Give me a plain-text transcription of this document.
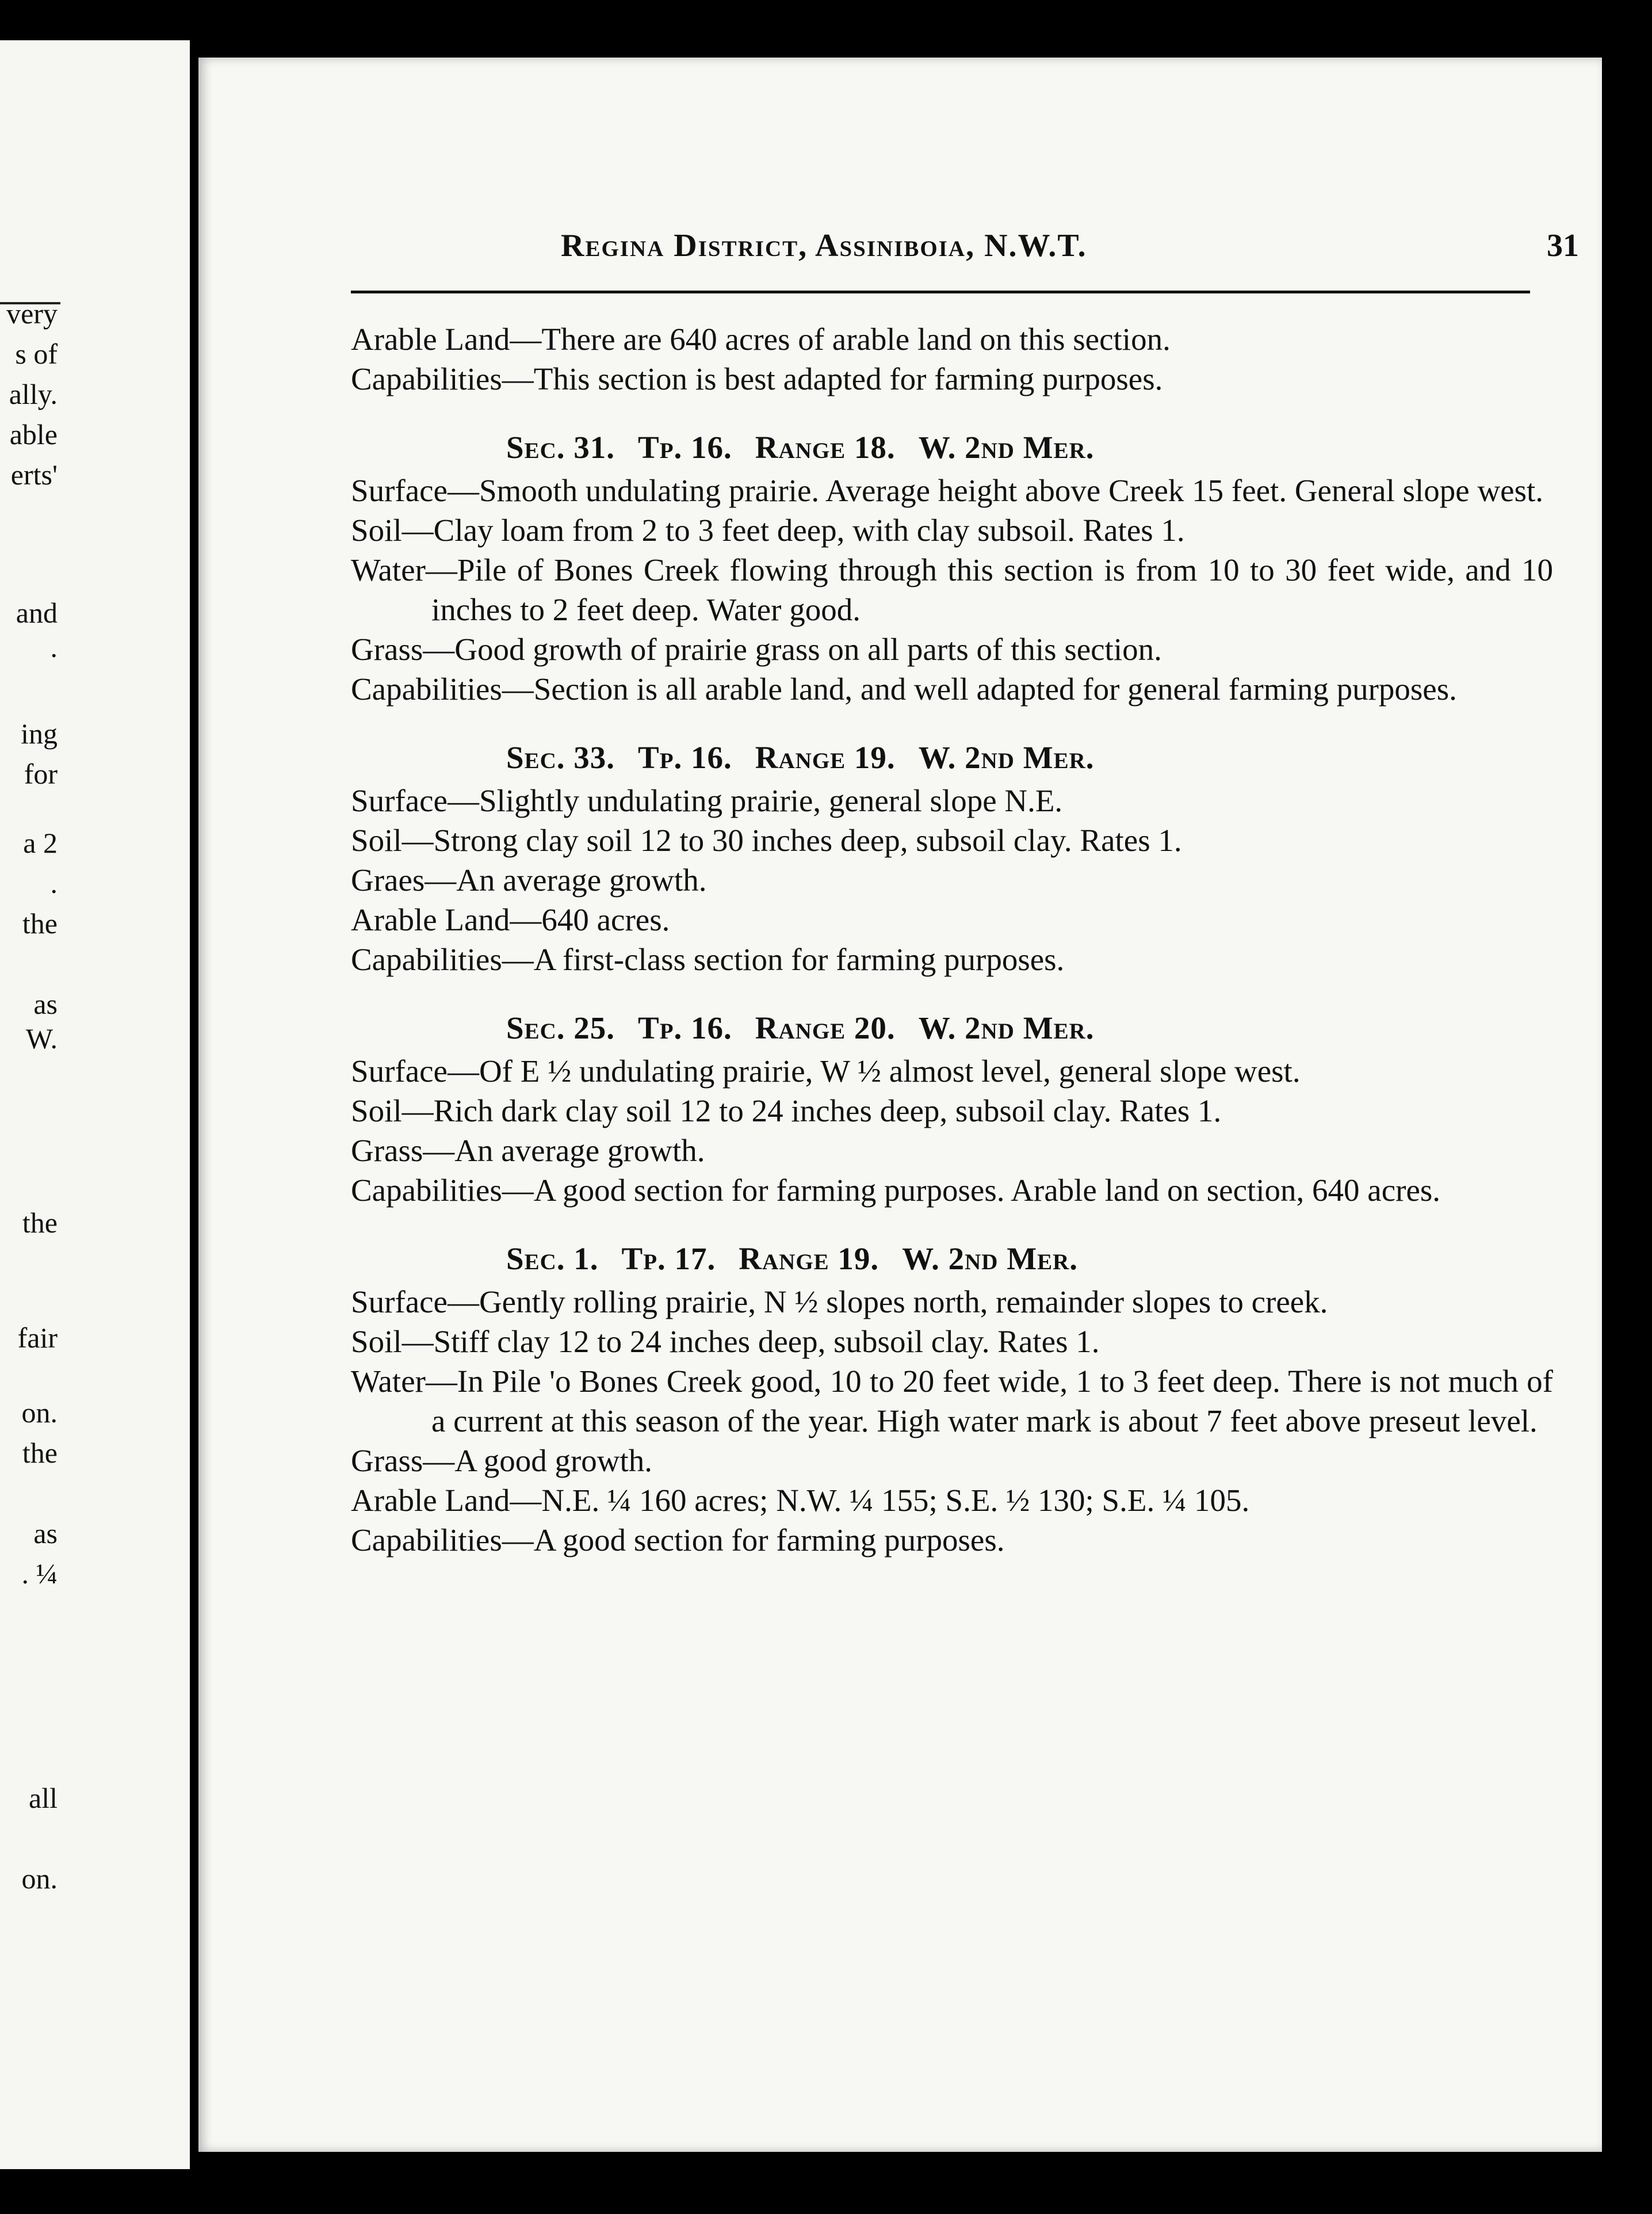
very
s of
ally.
able
erts'
and
.
ing
for
a 2
.
the
as
W.
the
fair
on.
the
as
. ¼
all
on.
Regina District, Assiniboia, N.W.T.	31

Arable Land—There are 640 acres of arable land on this section.

Capabilities—This section is best adapted for farming purposes.

Sec. 31. Tp. 16. Range 18. W. 2nd Mer.

Surface—Smooth undulating prairie. Average height above Creek 15 feet. General slope west.

Soil—Clay loam from 2 to 3 feet deep, with clay subsoil. Rates 1.

Water—Pile of Bones Creek flowing through this section is from 10 to 30 feet wide, and 10 inches to 2 feet deep. Water good.

Grass—Good growth of prairie grass on all parts of this section.

Capabilities—Section is all arable land, and well adapted for general farming purposes.

Sec. 33. Tp. 16. Range 19. W. 2nd Mer.

Surface—Slightly undulating prairie, general slope N.E.

Soil—Strong clay soil 12 to 30 inches deep, subsoil clay. Rates 1.

Graes—An average growth.

Arable Land—640 acres.

Capabilities—A first-class section for farming purposes.

Sec. 25. Tp. 16. Range 20. W. 2nd Mer.

Surface—Of E ½ undulating prairie, W ½ almost level, general slope west.

Soil—Rich dark clay soil 12 to 24 inches deep, subsoil clay. Rates 1.

Grass—An average growth.

Capabilities—A good section for farming purposes. Arable land on section, 640 acres.

Sec. 1. Tp. 17. Range 19. W. 2nd Mer.

Surface—Gently rolling prairie, N ½ slopes north, remainder slopes to creek.

Soil—Stiff clay 12 to 24 inches deep, subsoil clay. Rates 1.

Water—In Pile 'o Bones Creek good, 10 to 20 feet wide, 1 to 3 feet deep. There is not much of a current at this season of the year. High water mark is about 7 feet above preseut level.

Grass—A good growth.

Arable Land—N.E. ¼ 160 acres; N.W. ¼ 155; S.E. ½ 130; S.E. ¼ 105.

Capabilities—A good section for farming purposes.
